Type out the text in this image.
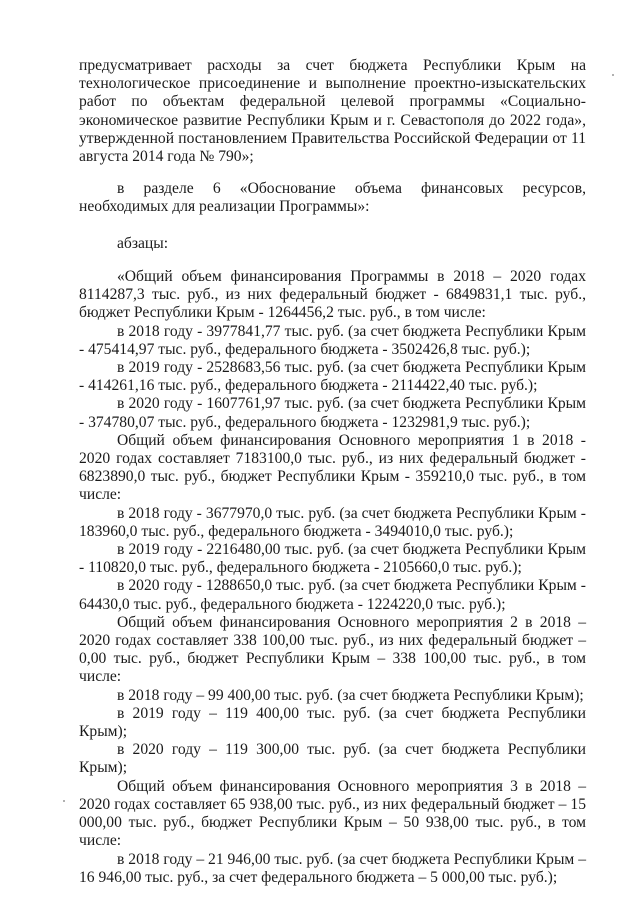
предусматривает расходы за счет бюджета Республики Крым на технологическое присоединение и выполнение проектно-изыскательских работ по объектам федеральной целевой программы «Социально-экономическое развитие Республики Крым и г. Севастополя до 2022 года», утвержденной постановлением Правительства Российской Федерации от 11 августа 2014 года № 790»;

в разделе 6 «Обоснование объема финансовых ресурсов, необходимых для реализации Программы»:

абзацы:

«Общий объем финансирования Программы в 2018 – 2020 годах 8114287,3 тыс. руб., из них федеральный бюджет - 6849831,1 тыс. руб., бюджет Республики Крым - 1264456,2 тыс. руб., в том числе:

в 2018 году - 3977841,77 тыс. руб. (за счет бюджета Республики Крым - 475414,97 тыс. руб., федерального бюджета - 3502426,8 тыс. руб.);

в 2019 году - 2528683,56 тыс. руб. (за счет бюджета Республики Крым - 414261,16 тыс. руб., федерального бюджета - 2114422,40 тыс. руб.);

в 2020 году - 1607761,97 тыс. руб. (за счет бюджета Республики Крым - 374780,07 тыс. руб., федерального бюджета - 1232981,9 тыс. руб.);

Общий объем финансирования Основного мероприятия 1 в 2018 - 2020 годах составляет 7183100,0 тыс. руб., из них федеральный бюджет - 6823890,0 тыс. руб., бюджет Республики Крым - 359210,0 тыс. руб., в том числе:

в 2018 году - 3677970,0 тыс. руб. (за счет бюджета Республики Крым - 183960,0 тыс. руб., федерального бюджета - 3494010,0 тыс. руб.);

в 2019 году - 2216480,00 тыс. руб. (за счет бюджета Республики Крым - 110820,0 тыс. руб., федерального бюджета - 2105660,0 тыс. руб.);

в 2020 году - 1288650,0 тыс. руб. (за счет бюджета Республики Крым - 64430,0 тыс. руб., федерального бюджета - 1224220,0 тыс. руб.);

Общий объем финансирования Основного мероприятия 2 в 2018 – 2020 годах составляет 338 100,00 тыс. руб., из них федеральный бюджет – 0,00 тыс. руб., бюджет Республики Крым – 338 100,00 тыс. руб., в том числе:

в 2018 году – 99 400,00 тыс. руб. (за счет бюджета Республики Крым);

в 2019 году – 119 400,00 тыс. руб. (за счет бюджета Республики Крым);

в 2020 году – 119 300,00 тыс. руб. (за счет бюджета Республики Крым);

Общий объем финансирования Основного мероприятия 3 в 2018 – 2020 годах составляет 65 938,00 тыс. руб., из них федеральный бюджет – 15 000,00 тыс. руб., бюджет Республики Крым – 50 938,00 тыс. руб., в том числе:

в 2018 году – 21 946,00 тыс. руб. (за счет бюджета Республики Крым – 16 946,00 тыс. руб., за счет федерального бюджета – 5 000,00 тыс. руб.);
